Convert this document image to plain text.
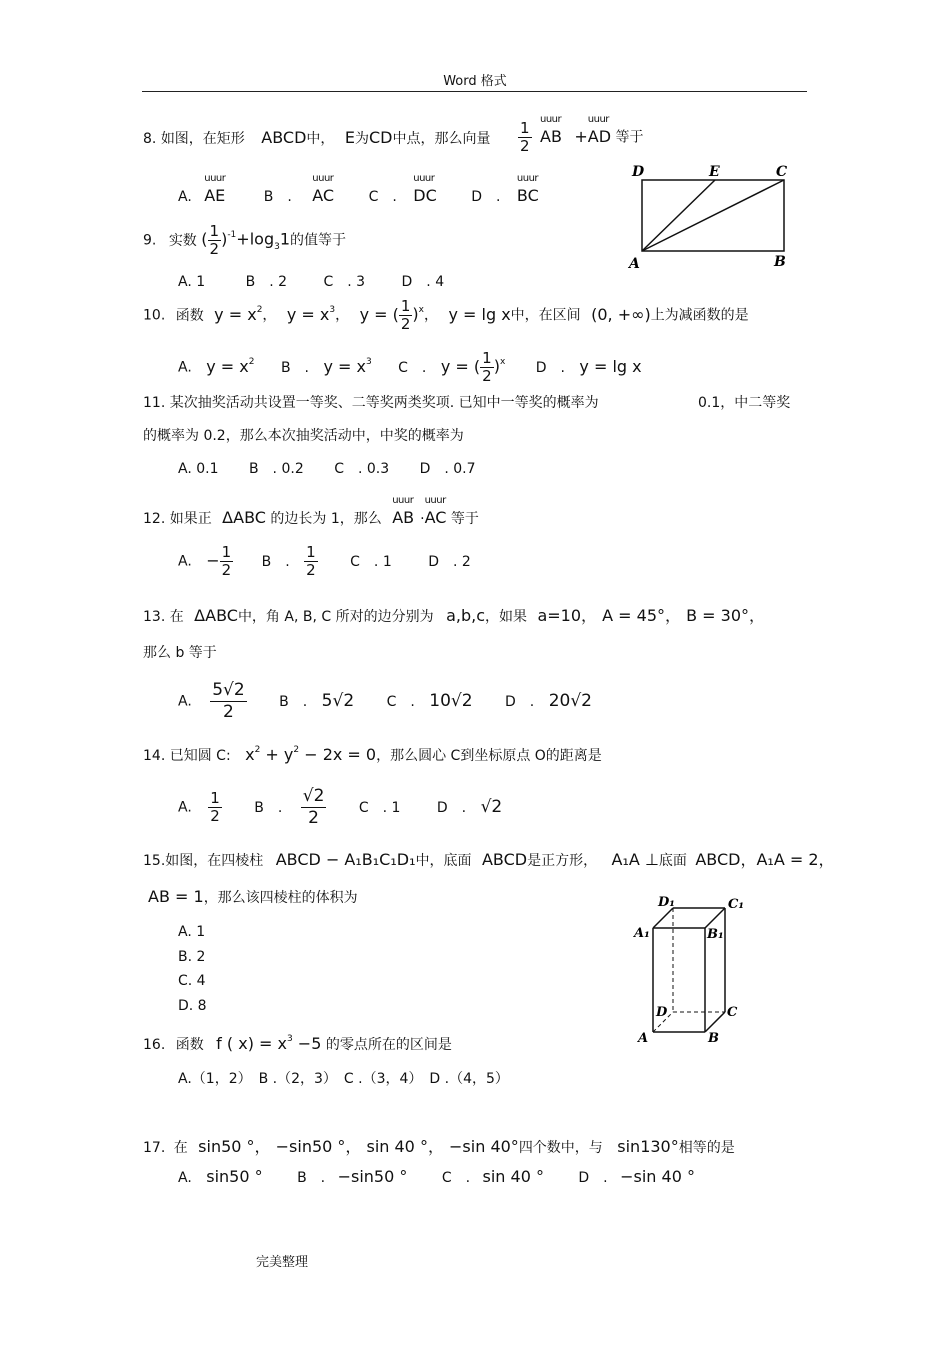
Word 格式
8. 如图，在矩形 ABCD中， E为CD中点，那么向量 $\frac{1}{2}$ uuur AB +uuur AD 等于
A. uuur AE	B　. uuur AC C　. uuur DC D　. uuur BC
D	E	C
A	B
9. 实数 ( $\frac{1}{2} )^{-1}+\log_31$的值等于
A. 1	B　. 2	C　. 3	D　. 4
10. 函数 $y = x^2$， $y = x^3$， y = ( $\frac{1}{2} )^x$， y = lg x中，在区间 (0, +∞)上为减函数的是
A. $y = x^2$ B　. $y = x^3$ C　. y = ( $\frac{1}{2} )^x$ D　. y = lg x
11. 某次抽奖活动共设置一等奖、二等奖两类奖项. 已知中一等奖的概率为	0.1，中二等奖
的概率为 0.2，那么本次抽奖活动中，中奖的概率为
A. 0.1 B　. 0.2 C　. 0.3 D　. 0.7
12. 如果正 ΔABC 的边长为 1，那么 uuur AB ·uuur AC 等于
A. − $\frac{1}{2}$ B　. $\frac{1}{2}$ C　. 1	D　. 2
13. 在 ΔABC中，角 A, B, C 所对的边分别为 a,b,c，如果 a=10， A = 45°， B = 30°，
那么 b 等于
A. $\frac{5√2}{2}$ B　. 5√2 C　. 10√2 D　. 20√2
14. 已知圆 C: $x^2 + y^2 - 2x = 0$，那么圆心 C到坐标原点 O的距离是
A. $\frac{1}{2}$ B　. $\frac{√2}{2}$ C　. 1	D　. √2
15.如图，在四棱柱 ABCD − A₁B₁C₁D₁中，底面 ABCD是正方形， A₁A ⊥底面 ABCD，A₁A = 2，
AB = 1，那么该四棱柱的体积为
A. 1
B. 2
C. 4
D. 8
D₁	C₁
A₁	B₁
D	C
A	B
16. 函数 f ( $x) = x^3 -5$ 的零点所在的区间是
A.（1，2）　B .（2，3）　C .（3，4）　D .（4，5）
17. 在 sin50 °， −sin50 °， sin 40 °， −sin 40°四个数中，与 sin130°相等的是
A. sin50 ° B　. −sin50 ° C　. sin 40 ° D　. −sin 40 °
完美整理
